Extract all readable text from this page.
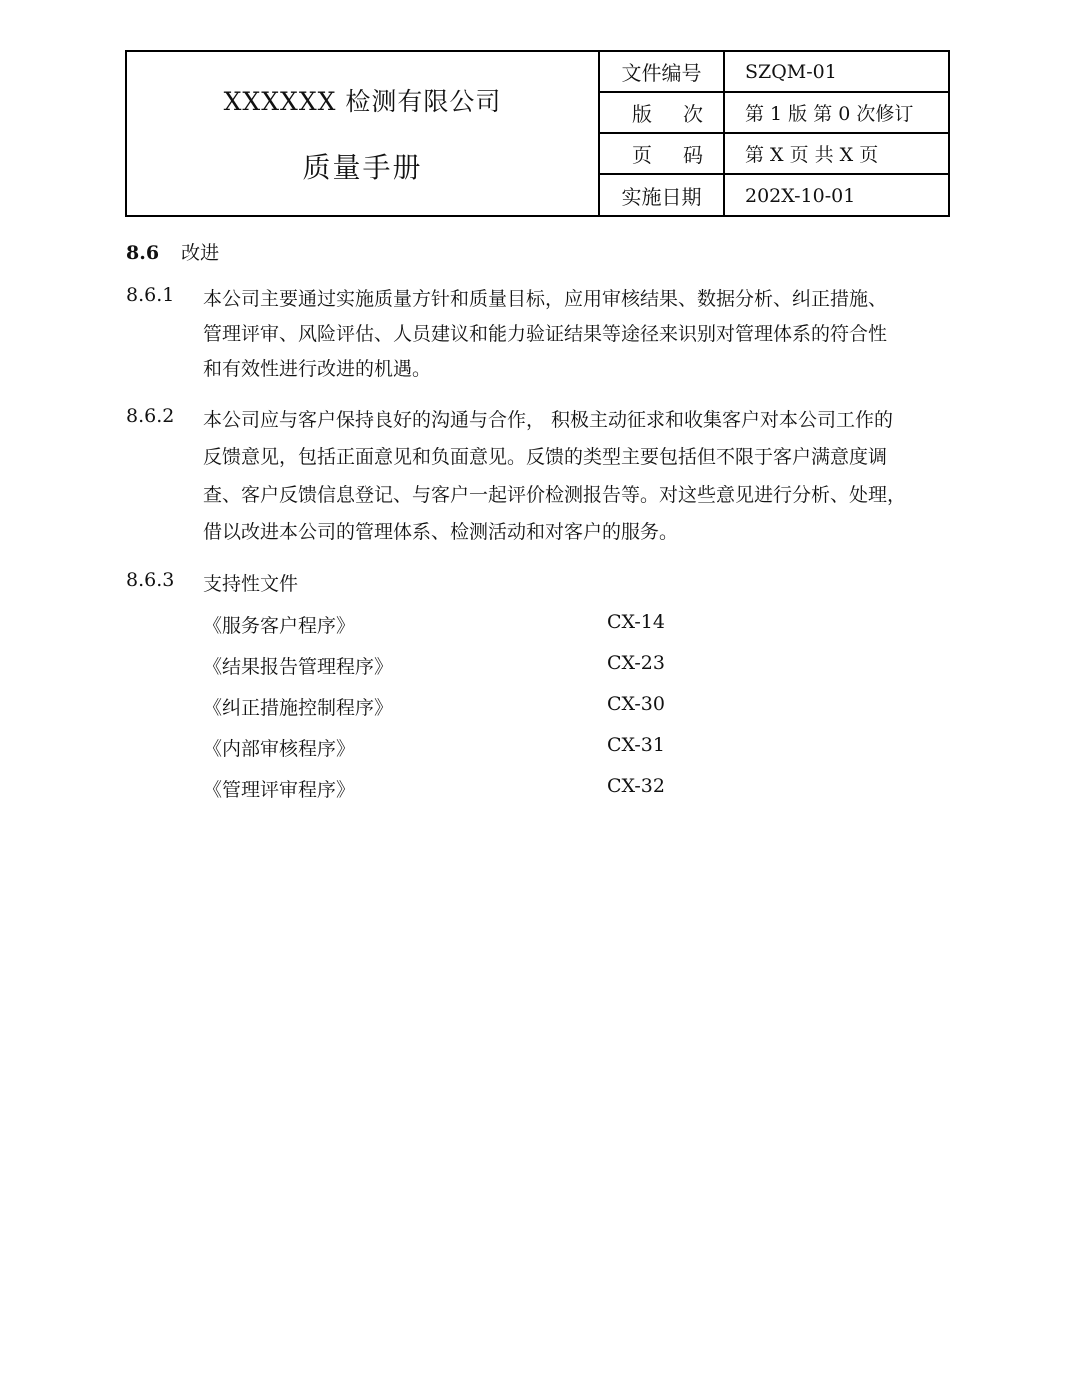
XXXXXX 检测有限公司
质量手册
文件编号 SZQM-01
版 次 第 1 版 第 0 次修订
页 码 第 X 页 共 X 页
实施日期 202X-10-01
8.6 改进
8.6.1 本公司主要通过实施质量方针和质量目标，应用审核结果、数据分析、纠正措施、
管理评审、风险评估、人员建议和能力验证结果等途径来识别对管理体系的符合性
和有效性进行改进的机遇。
8.6.2 本公司应与客户保持良好的沟通与合作， 积极主动征求和收集客户对本公司工作的
反馈意见，包括正面意见和负面意见。反馈的类型主要包括但不限于客户满意度调
查、客户反馈信息登记、与客户一起评价检测报告等。对这些意见进行分析、处理，
借以改进本公司的管理体系、检测活动和对客户的服务。
8.6.3 支持性文件
《服务客户程序》	CX-14
《结果报告管理程序》	CX-23
《纠正措施控制程序》	CX-30
《内部审核程序》	CX-31
《管理评审程序》	CX-32
